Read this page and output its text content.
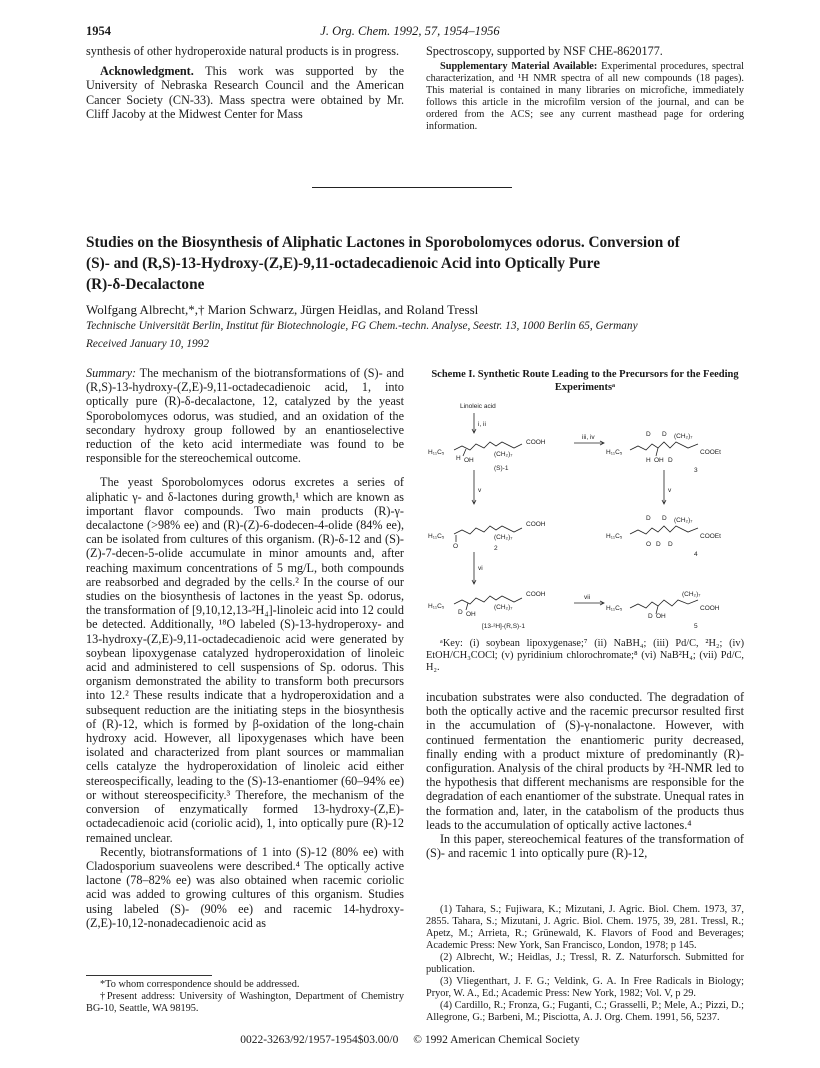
J. Org. Chem. 1992, 57, 1954–1956
1954

synthesis of other hydroperoxide natural products is in progress.

Acknowledgment. This work was supported by the University of Nebraska Research Council and the American Cancer Society (CN-33). Mass spectra were obtained by Mr. Cliff Jacoby at the Midwest Center for Mass

Spectroscopy, supported by NSF CHE-8620177.

Supplementary Material Available: Experimental procedures, spectral characterization, and ¹H NMR spectra of all new compounds (18 pages). This material is contained in many libraries on microfiche, immediately follows this article in the microfilm version of the journal, and can be ordered from the ACS; see any current masthead page for ordering information.

Studies on the Biosynthesis of Aliphatic Lactones in Sporobolomyces odorus. Conversion of
(S)- and (R,S)-13-Hydroxy-(Z,E)-9,11-octadecadienoic Acid into Optically Pure
(R)-δ-Decalactone
Wolfgang Albrecht,*,† Marion Schwarz, Jürgen Heidlas, and Roland Tressl
Technische Universität Berlin, Institut für Biotechnologie, FG Chem.-techn. Analyse, Seestr. 13, 1000 Berlin 65, Germany
Received January 10, 1992

Summary: The mechanism of the biotransformations of (S)- and (R,S)-13-hydroxy-(Z,E)-9,11-octadecadienoic acid, 1, into optically pure (R)-δ-decalactone, 12, catalyzed by the yeast Sporobolomyces odorus, was studied, and an oxidation of the secondary hydroxy group followed by an enantioselective reduction of the keto acid intermediate was found to be responsible for the stereochemical outcome.

The yeast Sporobolomyces odorus excretes a series of aliphatic γ- and δ-lactones during growth,¹ which are known as important flavor compounds. Two main products (R)-γ-decalactone (>98% ee) and (R)-(Z)-6-dodecen-4-olide (84% ee), can be isolated from cultures of this organism. (R)-δ-12 and (S)-(Z)-7-decen-5-olide accumulate in minor amounts and, after reaching maximum concentrations of 5 mg/L, both compounds are reabsorbed and degraded by the cells.² In the course of our studies on the biosynthesis of lactones in the yeast Sp. odorus, the transformation of [9,10,12,13-²H₄]-linoleic acid into 12 could be detected. Additionally, ¹⁸O labeled (S)-13-hydroperoxy- and 13-hydroxy-(Z,E)-9,11-octadecadienoic acid were generated by soybean lipoxygenase catalyzed hydroperoxidation of linoleic acid and administered to cell suspensions of Sp. odorus. This organism demonstrated the ability to transform both precursors into 12.² These results indicate that a hydroperoxidation and a subsequent reduction are the initiating steps in the biosynthesis of (R)-12, which is formed by β-oxidation of the long-chain hydroxy acid. However, all lipoxygenases which have been isolated and characterized from plant sources or mammalian cells catalyze the hydroperoxidation of linoleic acid either stereospecifically, leading to the (S)-13-enantiomer (60–94% ee) or without stereospecificity.³ Therefore, the mechanism of the conversion of enzymatically formed 13-hydroxy-(Z,E)-octadecadienoic acid (coriolic acid), 1, into optically pure (R)-12 remained unclear.

Recently, biotransformations of 1 into (S)-12 (80% ee) with Cladosporium suaveolens were described.⁴ The optically active lactone (78–82% ee) was also obtained when racemic coriolic acid was added to growing cultures of this organism. Studies using labeled (S)- (90% ee) and racemic 14-hydroxy-(Z,E)-10,12-nonadecadienoic acid as

*To whom correspondence should be addressed.

†Present address: University of Washington, Department of Chemistry BG-10, Seattle, WA 98195.

Scheme I. Synthetic Route Leading to the Precursors for the Feeding Experimentsᵃ
Linoleic acid
i, ii
H₁₁C₅
COOH
(CH₂)₇
H OH
(S)-1
iii, iv
H₁₁C₅
(CH₂)₇
COOEt
D D
H OH D
3
v	v
H₁₁C₅
COOH
(CH₂)₇
O	2
H₁₁C₅
(CH₂)₇
COOEt
D D
O D D
4
vi
H₁₁C₅
COOH
(CH₂)₇
D OH
[13-²H]-(R,S)-1
vii
H₁₁C₅
(CH₂)₇
COOH
D OH
5

ᵃKey: (i) soybean lipoxygenase;⁷ (ii) NaBH₄; (iii) Pd/C, ²H₂; (iv) EtOH/CH₃COCl; (v) pyridinium chlorochromate;⁸ (vi) NaB²H₄; (vii) Pd/C, H₂.

incubation substrates were also conducted. The degradation of both the optically active and the racemic precursor resulted first in the accumulation of (S)-γ-nonalactone. However, with continued fermentation the enantiomeric purity decreased, finally ending with a product mixture of predominantly (R)-configuration. Analysis of the chiral products by ²H-NMR led to the hypothesis that different mechanisms are responsible for the degradation of each enantiomer of the substrate. Unequal rates in the formation and, later, in the catabolism of the products thus leads to the accumulation of optically active lactones.⁴

In this paper, stereochemical features of the transformation of (S)- and racemic 1 into optically pure (R)-12,

(1) Tahara, S.; Fujiwara, K.; Mizutani, J. Agric. Biol. Chem. 1973, 37, 2855. Tahara, S.; Mizutani, J. Agric. Biol. Chem. 1975, 39, 281. Tressl, R.; Apetz, M.; Arrieta, R.; Grünewald, K. Flavors of Food and Beverages; Academic Press: New York, San Francisco, London, 1978; p 145.

(2) Albrecht, W.; Heidlas, J.; Tressl, R. Z. Naturforsch. Submitted for publication.

(3) Vliegenthart, J. F. G.; Veldink, G. A. In Free Radicals in Biology; Pryor, W. A., Ed.; Academic Press: New York, 1982; Vol. V, p 29.

(4) Cardillo, R.; Fronza, G.; Fuganti, C.; Grasselli, P.; Mele, A.; Pizzi, D.; Allegrone, G.; Barbeni, M.; Pisciotta, A. J. Org. Chem. 1991, 56, 5237.

0022-3263/92/1957-1954$03.00/0 © 1992 American Chemical Society
